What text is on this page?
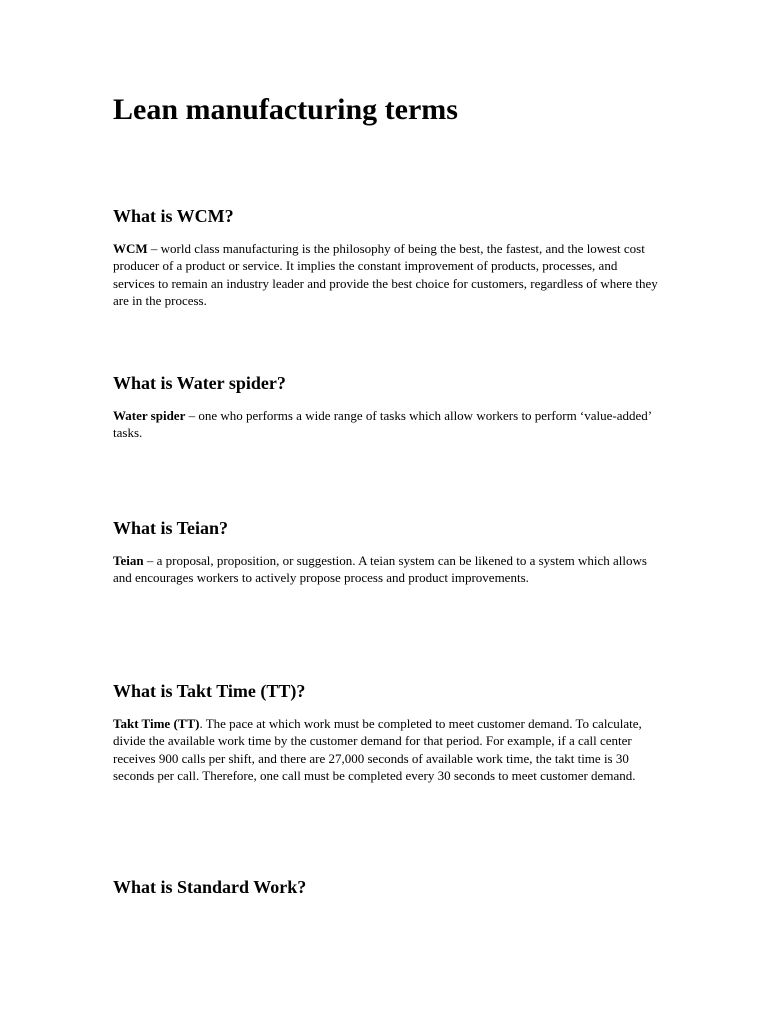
Lean manufacturing terms
What is WCM?

WCM – world class manufacturing is the philosophy of being the best, the fastest, and the lowest cost producer of a product or service. It implies the constant improvement of products, processes, and services to remain an industry leader and provide the best choice for customers, regardless of where they are in the process.

What is Water spider?

Water spider – one who performs a wide range of tasks which allow workers to perform ‘value-added’ tasks.

What is Teian?

Teian – a proposal, proposition, or suggestion. A teian system can be likened to a system which allows and encourages workers to actively propose process and product improvements.

What is Takt Time (TT)?

Takt Time (TT). The pace at which work must be completed to meet customer demand. To calculate, divide the available work time by the customer demand for that period. For example, if a call center receives 900 calls per shift, and there are 27,000 seconds of available work time, the takt time is 30 seconds per call. Therefore, one call must be completed every 30 seconds to meet customer demand.

What is Standard Work?
